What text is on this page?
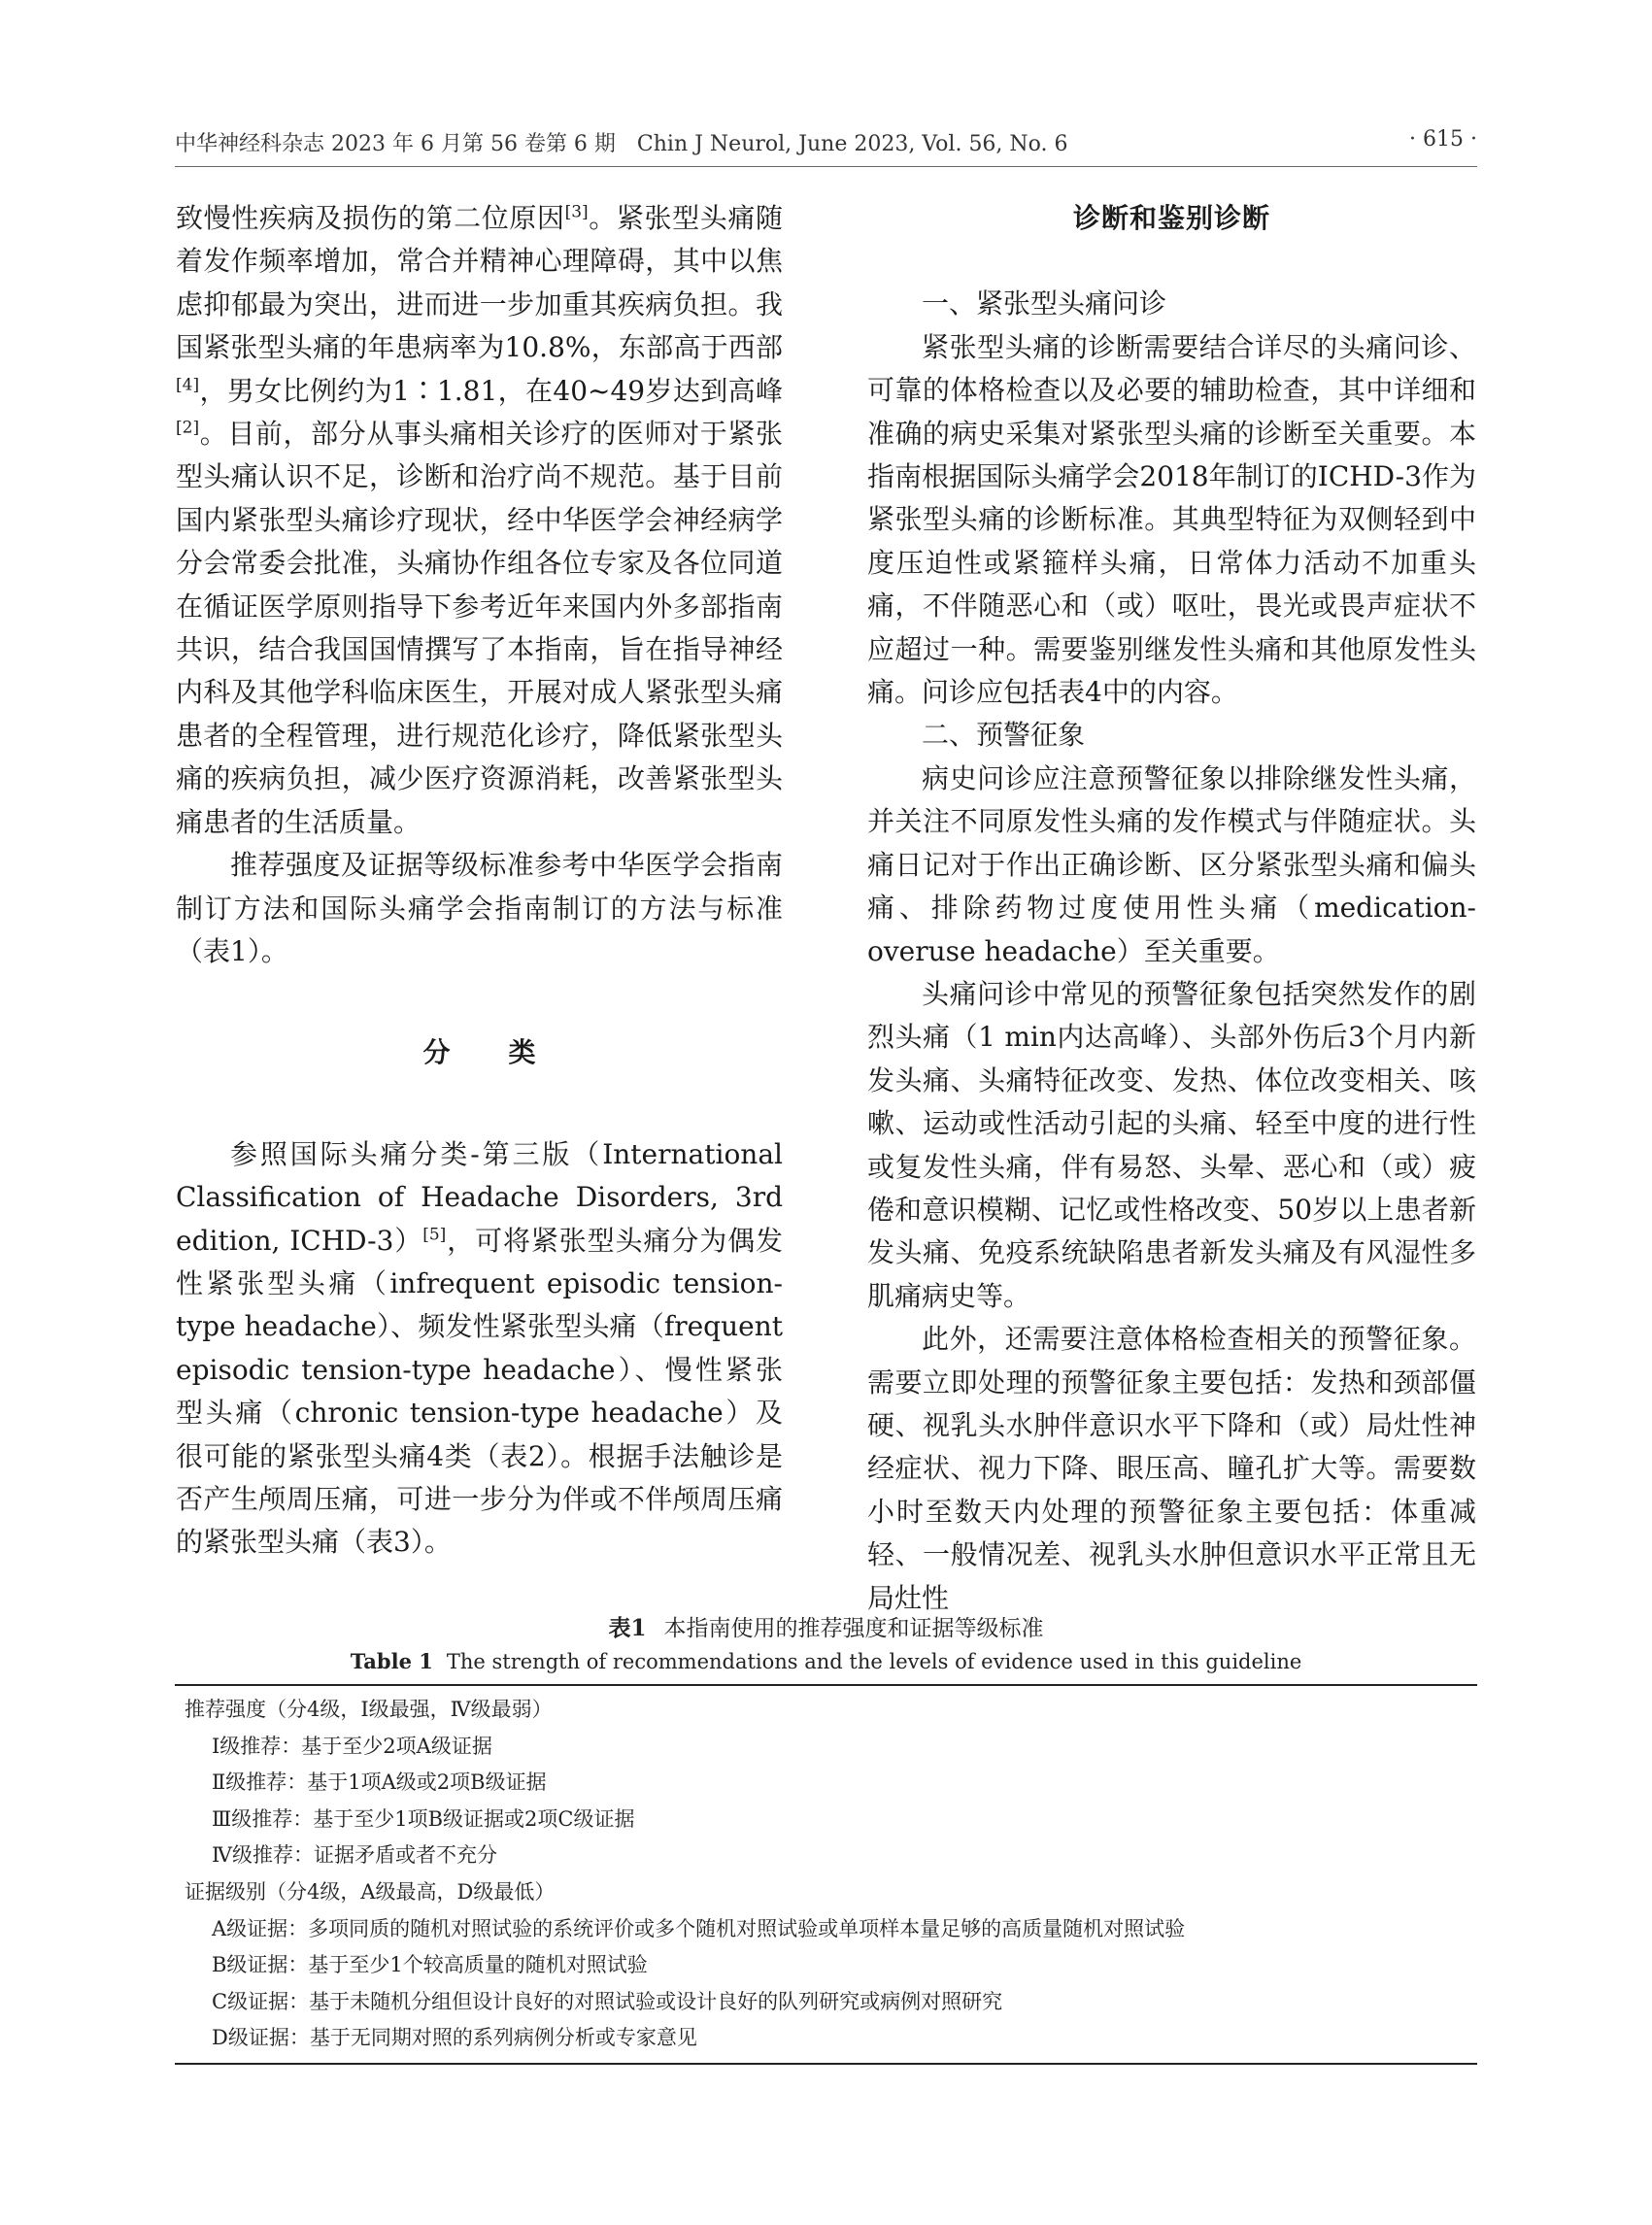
中华神经科杂志 2023 年 6 月第 56 卷第 6 期　Chin J Neurol, June 2023, Vol. 56, No. 6	· 615 ·

致慢性疾病及损伤的第二位原因[3]。紧张型头痛随着发作频率增加，常合并精神心理障碍，其中以焦虑抑郁最为突出，进而进一步加重其疾病负担。我国紧张型头痛的年患病率为10.8%，东部高于西部[4]，男女比例约为1∶1.81，在40~49岁达到高峰[2]。目前，部分从事头痛相关诊疗的医师对于紧张型头痛认识不足，诊断和治疗尚不规范。基于目前国内紧张型头痛诊疗现状，经中华医学会神经病学分会常委会批准，头痛协作组各位专家及各位同道在循证医学原则指导下参考近年来国内外多部指南共识，结合我国国情撰写了本指南，旨在指导神经内科及其他学科临床医生，开展对成人紧张型头痛患者的全程管理，进行规范化诊疗，降低紧张型头痛的疾病负担，减少医疗资源消耗，改善紧张型头痛患者的生活质量。

推荐强度及证据等级标准参考中华医学会指南制订方法和国际头痛学会指南制订的方法与标准（表1）。

分类

参照国际头痛分类-第三版（International Classification of Headache Disorders, 3rd edition, ICHD-3）[5]，可将紧张型头痛分为偶发性紧张型头痛（infrequent episodic tension-type headache）、频发性紧张型头痛（frequent episodic tension-type headache）、慢性紧张型头痛（chronic tension-type headache）及很可能的紧张型头痛4类（表2）。根据手法触诊是否产生颅周压痛，可进一步分为伴或不伴颅周压痛的紧张型头痛（表3）。

诊断和鉴别诊断

一、紧张型头痛问诊

紧张型头痛的诊断需要结合详尽的头痛问诊、可靠的体格检查以及必要的辅助检查，其中详细和准确的病史采集对紧张型头痛的诊断至关重要。本指南根据国际头痛学会2018年制订的ICHD-3作为紧张型头痛的诊断标准。其典型特征为双侧轻到中度压迫性或紧箍样头痛，日常体力活动不加重头痛，不伴随恶心和（或）呕吐，畏光或畏声症状不应超过一种。需要鉴别继发性头痛和其他原发性头痛。问诊应包括表4中的内容。

二、预警征象

病史问诊应注意预警征象以排除继发性头痛，并关注不同原发性头痛的发作模式与伴随症状。头痛日记对于作出正确诊断、区分紧张型头痛和偏头痛、排除药物过度使用性头痛（medication-overuse headache）至关重要。

头痛问诊中常见的预警征象包括突然发作的剧烈头痛（1 min内达高峰）、头部外伤后3个月内新发头痛、头痛特征改变、发热、体位改变相关、咳嗽、运动或性活动引起的头痛、轻至中度的进行性或复发性头痛，伴有易怒、头晕、恶心和（或）疲倦和意识模糊、记忆或性格改变、50岁以上患者新发头痛、免疫系统缺陷患者新发头痛及有风湿性多肌痛病史等。

此外，还需要注意体格检查相关的预警征象。需要立即处理的预警征象主要包括：发热和颈部僵硬、视乳头水肿伴意识水平下降和（或）局灶性神经症状、视力下降、眼压高、瞳孔扩大等。需要数小时至数天内处理的预警征象主要包括：体重减轻、一般情况差、视乳头水肿但意识水平正常且无局灶性

表1 本指南使用的推荐强度和证据等级标准
Table 1 The strength of recommendations and the levels of evidence used in this guideline
推荐强度（分4级，Ⅰ级最强，Ⅳ级最弱）
Ⅰ级推荐：基于至少2项A级证据
Ⅱ级推荐：基于1项A级或2项B级证据
Ⅲ级推荐：基于至少1项B级证据或2项C级证据
Ⅳ级推荐：证据矛盾或者不充分
证据级别（分4级，A级最高，D级最低）
A级证据：多项同质的随机对照试验的系统评价或多个随机对照试验或单项样本量足够的高质量随机对照试验
B级证据：基于至少1个较高质量的随机对照试验
C级证据：基于未随机分组但设计良好的对照试验或设计良好的队列研究或病例对照研究
D级证据：基于无同期对照的系列病例分析或专家意见
